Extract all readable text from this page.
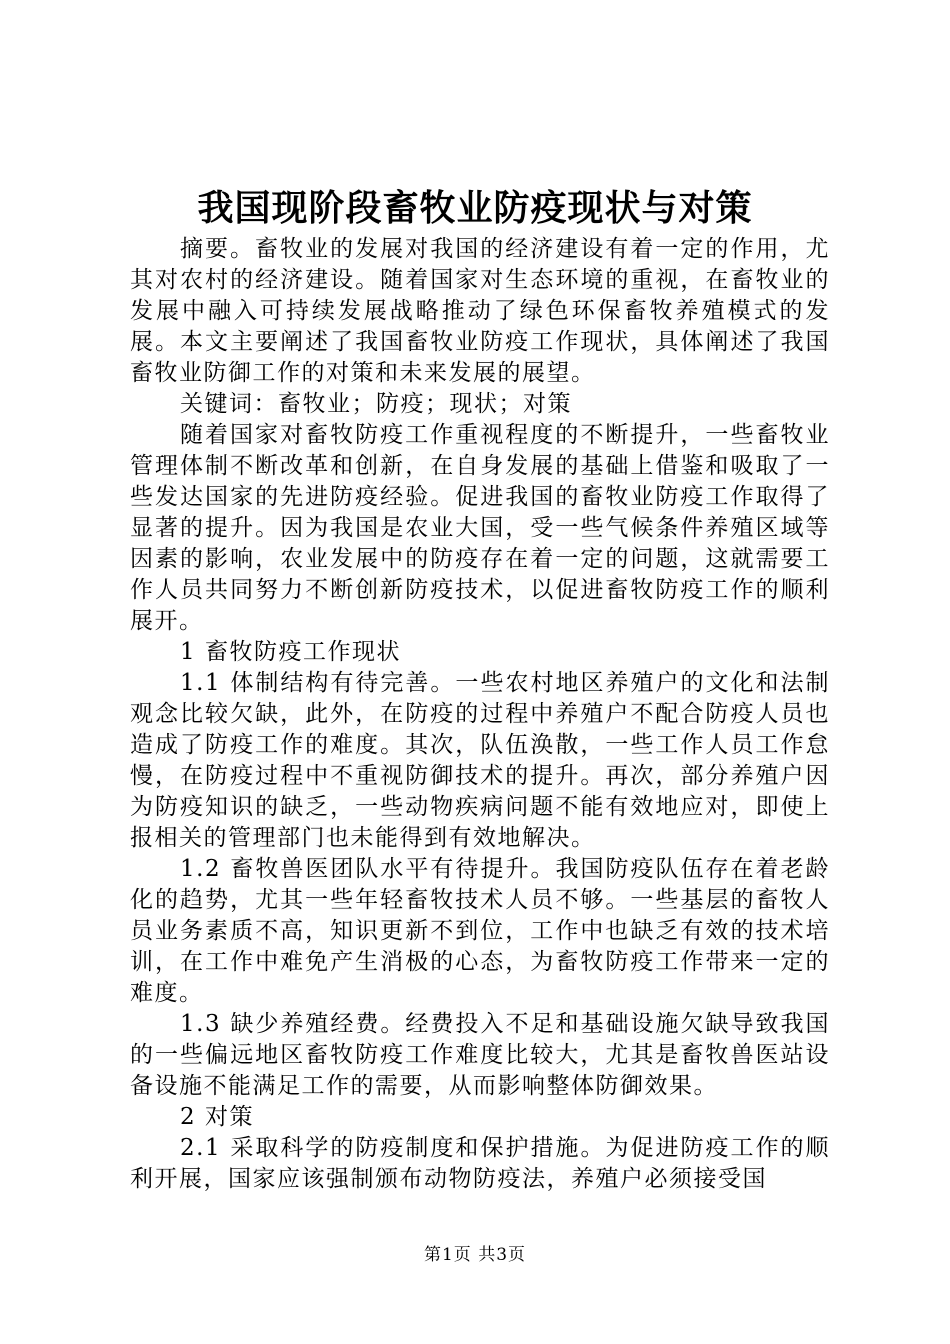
我国现阶段畜牧业防疫现状与对策

摘要。畜牧业的发展对我国的经济建设有着一定的作用，尤其对农村的经济建设。随着国家对生态环境的重视，在畜牧业的发展中融入可持续发展战略推动了绿色环保畜牧养殖模式的发展。本文主要阐述了我国畜牧业防疫工作现状，具体阐述了我国畜牧业防御工作的对策和未来发展的展望。

关键词：畜牧业；防疫；现状；对策

随着国家对畜牧防疫工作重视程度的不断提升，一些畜牧业管理体制不断改革和创新，在自身发展的基础上借鉴和吸取了一些发达国家的先进防疫经验。促进我国的畜牧业防疫工作取得了显著的提升。因为我国是农业大国，受一些气候条件养殖区域等因素的影响，农业发展中的防疫存在着一定的问题，这就需要工作人员共同努力不断创新防疫技术，以促进畜牧防疫工作的顺利展开。

1 畜牧防疫工作现状

1.1 体制结构有待完善。一些农村地区养殖户的文化和法制观念比较欠缺，此外，在防疫的过程中养殖户不配合防疫人员也造成了防疫工作的难度。其次，队伍涣散，一些工作人员工作怠慢，在防疫过程中不重视防御技术的提升。再次，部分养殖户因为防疫知识的缺乏，一些动物疾病问题不能有效地应对，即使上报相关的管理部门也未能得到有效地解决。

1.2 畜牧兽医团队水平有待提升。我国防疫队伍存在着老龄化的趋势，尤其一些年轻畜牧技术人员不够。一些基层的畜牧人员业务素质不高，知识更新不到位，工作中也缺乏有效的技术培训，在工作中难免产生消极的心态，为畜牧防疫工作带来一定的难度。

1.3 缺少养殖经费。经费投入不足和基础设施欠缺导致我国的一些偏远地区畜牧防疫工作难度比较大，尤其是畜牧兽医站设备设施不能满足工作的需要，从而影响整体防御效果。

2 对策

2.1 采取科学的防疫制度和保护措施。为促进防疫工作的顺利开展，国家应该强制颁布动物防疫法，养殖户必须接受国

第1页 共3页
